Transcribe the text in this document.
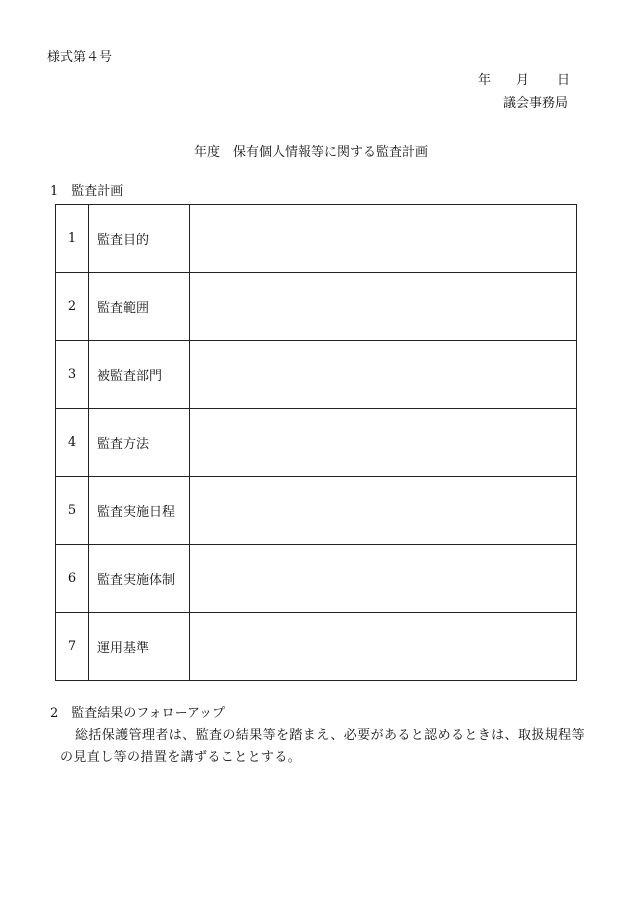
様式第４号
年 月 日
議会事務局
年度　保有個人情報等に関する監査計画
1　監査計画
1	監査目的	
2	監査範囲	
3	被監査部門	
4	監査方法	
5	監査実施日程	
6	監査実施体制	
7	運用基準	
2　監査結果のフォローアップ
総括保護管理者は、監査の結果等を踏まえ、必要があると認めるときは、取扱規程等
の見直し等の措置を講ずることとする。
